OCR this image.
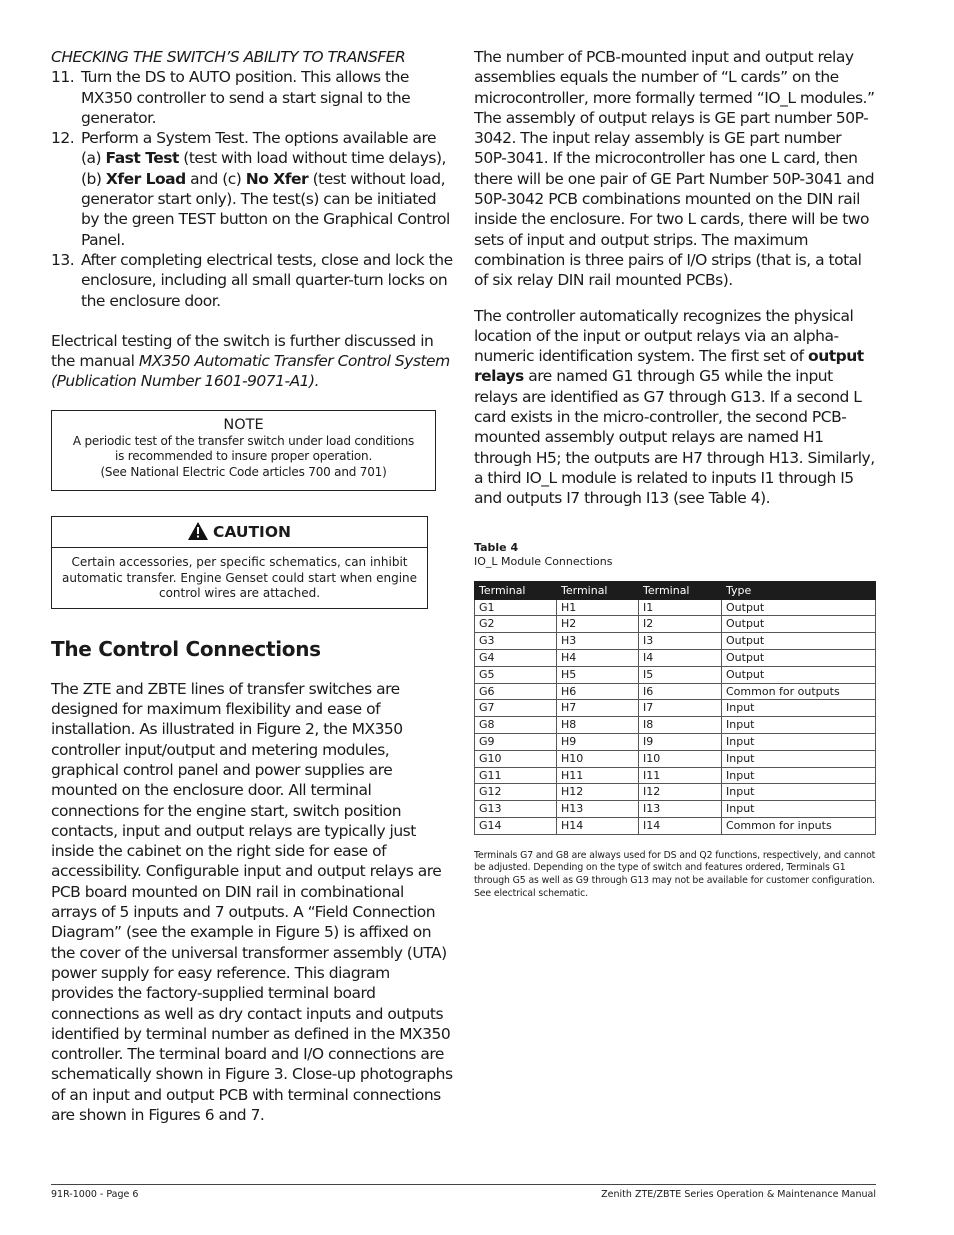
CHECKING THE SWITCH’S ABILITY TO TRANSFER
11. Turn the DS to AUTO position. This allows the MX350 controller to send a start signal to the generator.
12. Perform a System Test. The options available are (a) Fast Test (test with load without time delays), (b) Xfer Load and (c) No Xfer (test without load, generator start only). The test(s) can be initiated by the green TEST button on the Graphical Control Panel.
13. After completing electrical tests, close and lock the enclosure, including all small quarter-turn locks on the enclosure door.

Electrical testing of the switch is further discussed in the manual MX350 Automatic Transfer Control System (Publication Number 1601-9071-A1).

NOTE
A periodic test of the transfer switch under load conditions
is recommended to insure proper operation.
(See National Electric Code articles 700 and 701)
CAUTION
Certain accessories, per specific schematics, can inhibit automatic transfer. Engine Genset could start when engine control wires are attached.
The Control Connections

The ZTE and ZBTE lines of transfer switches are designed for maximum flexibility and ease of installation. As illustrated in Figure 2, the MX350 controller input/output and metering modules, graphical control panel and power supplies are mounted on the enclosure door. All terminal connections for the engine start, switch position contacts, input and output relays are typically just inside the cabinet on the right side for ease of accessibility. Configurable input and output relays are PCB board mounted on DIN rail in combinational arrays of 5 inputs and 7 outputs. A “Field Connection Diagram” (see the example in Figure 5) is affixed on the cover of the universal transformer assembly (UTA) power supply for easy reference. This diagram provides the factory-supplied terminal board connections as well as dry contact inputs and outputs identified by terminal number as defined in the MX350 controller. The terminal board and I/O connections are schematically shown in Figure 3. Close-up photographs of an input and output PCB with terminal connections are shown in Figures 6 and 7.

The number of PCB-mounted input and output relay assemblies equals the number of “L cards” on the microcontroller, more formally termed “IO_L modules.” The assembly of output relays is GE part number 50P-3042. The input relay assembly is GE part number 50P-3041. If the microcontroller has one L card, then there will be one pair of GE Part Number 50P-3041 and 50P-3042 PCB combinations mounted on the DIN rail inside the enclosure. For two L cards, there will be two sets of input and output strips. The maximum combination is three pairs of I/O strips (that is, a total of six relay DIN rail mounted PCBs).

The controller automatically recognizes the physical location of the input or output relays via an alpha-numeric identification system. The first set of output relays are named G1 through G5 while the input relays are identified as G7 through G13. If a second L card exists in the micro-controller, the second PCB-mounted assembly output relays are named H1 through H5; the outputs are H7 through H13. Similarly, a third IO_L module is related to inputs I1 through I5 and outputs I7 through I13 (see Table 4).

Table 4
IO_L Module Connections
Terminal	Terminal	Terminal	Type
G1	H1	I1	Output
G2	H2	I2	Output
G3	H3	I3	Output
G4	H4	I4	Output
G5	H5	I5	Output
G6	H6	I6	Common for outputs
G7	H7	I7	Input
G8	H8	I8	Input
G9	H9	I9	Input
G10	H10	I10	Input
G11	H11	I11	Input
G12	H12	I12	Input
G13	H13	I13	Input
G14	H14	I14	Common for inputs

Terminals G7 and G8 are always used for DS and Q2 functions, respectively, and cannot be adjusted. Depending on the type of switch and features ordered, Terminals G1 through G5 as well as G9 through G13 may not be available for customer configuration. See electrical schematic.

91R-1000 - Page 6	Zenith ZTE/ZBTE Series Operation & Maintenance Manual
